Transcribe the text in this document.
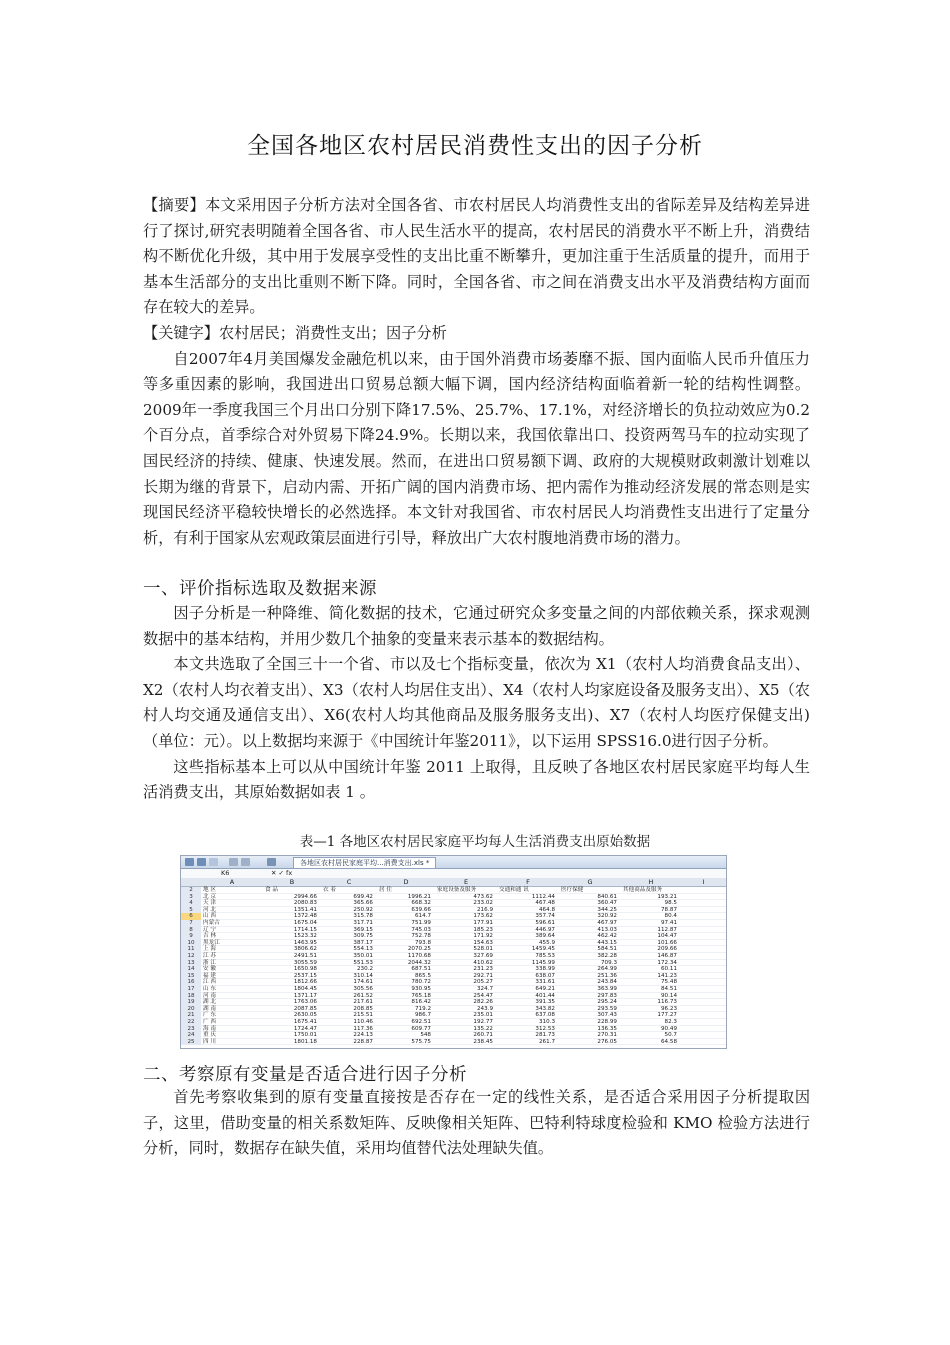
全国各地区农村居民消费性支出的因子分析

【摘要】本文采用因子分析方法对全国各省、市农村居民人均消费性支出的省际差异及结构差异进行了探讨,研究表明随着全国各省、市人民生活水平的提高，农村居民的消费水平不断上升，消费结构不断优化升级，其中用于发展享受性的支出比重不断攀升，更加注重于生活质量的提升，而用于基本生活部分的支出比重则不断下降。同时，全国各省、市之间在消费支出水平及消费结构方面而存在较大的差异。

【关键字】农村居民；消费性支出；因子分析

自2007年4月美国爆发金融危机以来，由于国外消费市场萎靡不振、国内面临人民币升值压力等多重因素的影响，我国进出口贸易总额大幅下调，国内经济结构面临着新一轮的结构性调整。2009年一季度我国三个月出口分别下降17.5%、25.7%、17.1%，对经济增长的负拉动效应为0.2个百分点，首季综合对外贸易下降24.9%。长期以来，我国依靠出口、投资两驾马车的拉动实现了国民经济的持续、健康、快速发展。然而，在进出口贸易额下调、政府的大规模财政刺激计划难以长期为继的背景下，启动内需、开拓广阔的国内消费市场、把内需作为推动经济发展的常态则是实现国民经济平稳较快增长的必然选择。本文针对我国省、市农村居民人均消费性支出进行了定量分析，有利于国家从宏观政策层面进行引导，释放出广大农村腹地消费市场的潜力。

一、评价指标选取及数据来源

因子分析是一种降维、简化数据的技术，它通过研究众多变量之间的内部依赖关系，探求观测数据中的基本结构，并用少数几个抽象的变量来表示基本的数据结构。

本文共选取了全国三十一个省、市以及七个指标变量，依次为 X1（农村人均消费食品支出）、X2（农村人均衣着支出）、X3（农村人均居住支出）、X4（农村人均家庭设备及服务支出）、X5（农村人均交通及通信支出）、X6(农村人均其他商品及服务服务支出)、X7（农村人均医疗保健支出)（单位：元）。以上数据均来源于《中国统计年鉴2011》，以下运用 SPSS16.0进行因子分析。

这些指标基本上可以从中国统计年鉴 2011 上取得，且反映了各地区农村居民家庭平均每人生活消费支出，其原始数据如表 1 。

表—1 各地区农村居民家庭平均每人生活消费支出原始数据
各地区农村居民家庭平均...消费支出.xls *
K6	✕ ✓ fx
A	B	C	D	E	F	G	H	I
2	地 区	食 品	衣 着	居 住	家庭设备及服务	交通和通 讯	医疗保健	其他商品及服务
3	北 京	2994.66	699.42	1996.21	473.62	1112.44	840.61	193.21
4	天 津	2080.83	365.66	668.32	233.02	467.48	360.47	98.5
5	河 北	1351.41	250.92	639.66	216.9	464.8	344.25	78.87
6	山 西	1372.48	315.78	614.7	173.62	357.74	320.92	80.4
7	内蒙古	1675.04	317.71	751.99	177.91	596.61	467.97	97.41
8	辽 宁	1714.15	369.15	745.03	185.23	446.97	413.03	112.87
9	吉 林	1523.32	309.75	752.78	171.92	389.64	462.42	104.47
10	黑龙江	1463.95	387.17	793.8	154.63	455.9	443.15	101.66
11	上 海	3806.62	554.13	2070.25	528.01	1459.45	584.51	209.66
12	江 苏	2491.51	350.01	1170.68	327.69	785.53	382.28	146.87
13	浙 江	3055.59	551.53	2044.32	410.62	1145.99	709.3	172.34
14	安 徽	1650.98	230.2	687.51	231.23	338.99	264.99	60.11
15	福 建	2537.15	310.14	865.5	292.71	638.07	251.36	141.23
16	江 西	1812.66	174.61	780.72	205.27	331.61	243.84	75.48
17	山 东	1804.45	305.56	930.95	324.7	649.21	363.99	84.51
18	河 南	1371.17	261.52	765.18	254.47	401.44	297.83	90.14
19	湖 北	1763.06	217.61	816.42	282.26	391.35	295.24	116.73
20	湖 南	2087.85	208.85	719.2	243.9	343.82	293.59	96.23
21	广 东	2630.05	215.51	986.7	235.01	637.08	307.43	177.27
22	广 西	1675.41	110.46	692.51	192.77	310.3	228.99	82.3
23	海 南	1724.47	117.36	609.77	135.22	312.53	136.35	90.49
24	重 庆	1750.01	224.13	548	260.71	281.73	270.31	50.7
25	四 川	1801.18	228.87	575.75	238.45	261.7	276.05	64.58
二、考察原有变量是否适合进行因子分析

首先考察收集到的原有变量直接按是否存在一定的线性关系，是否适合采用因子分析提取因子，这里，借助变量的相关系数矩阵、反映像相关矩阵、巴特利特球度检验和 KMO 检验方法进行分析，同时，数据存在缺失值，采用均值替代法处理缺失值。
